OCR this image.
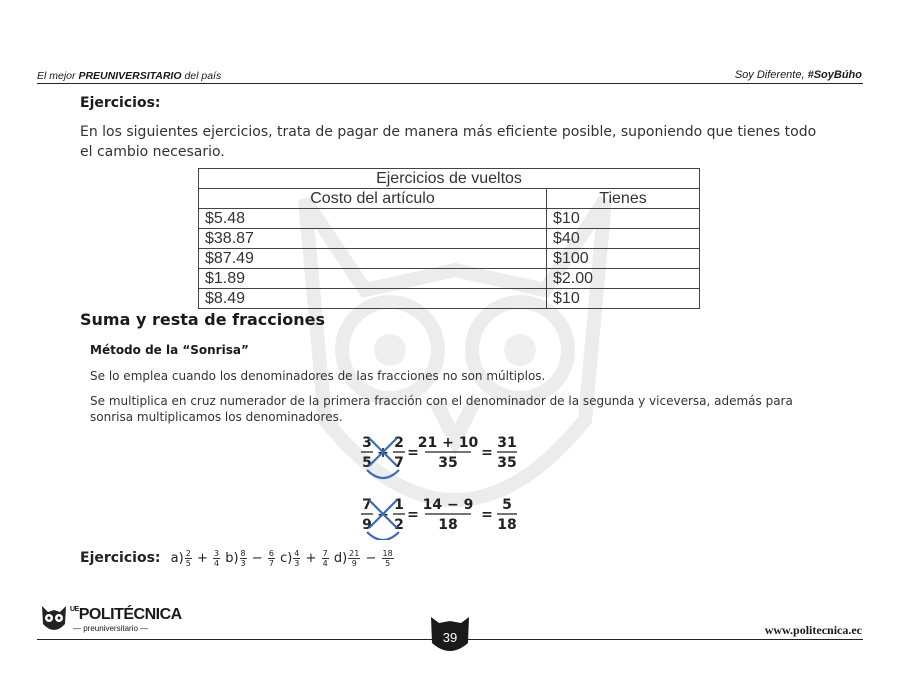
El mejor PREUNIVERSITARIO del país	Soy Diferente, #SoyBúho
Ejercicios:
En los siguientes ejercicios, trata de pagar de manera más eficiente posible, suponiendo que tienes todo el cambio necesario.
Ejercicios de vueltos	
Costo del artículo	Tienes
$5.48	$10
$38.87	$40
$87.49	$100
$1.89	$2.00
$8.49	$10
Suma y resta de fracciones
Método de la “Sonrisa”
Se lo emplea cuando los denominadores de las fracciones no son múltiplos.
Se multiplica en cruz numerador de la primera fracción con el denominador de la segunda y viceversa, además para sonrisa multiplicamos los denominadores.
3
5
+
2
7
=
21 + 10
35
=
31
35
7
9
−
1
2
=
14 − 9
18
=
5
18
Ejercicios: $a) \frac{2}{5} + \frac{3}{4} b) \frac{8}{3} - \frac{6}{7} c) \frac{4}{3} + \frac{7}{4} d) \frac{21}{9} - \frac{18}{5}$
$^{UE}$POLITÉCNICA
— preuniversitario —
39	www.politecnica.ec
